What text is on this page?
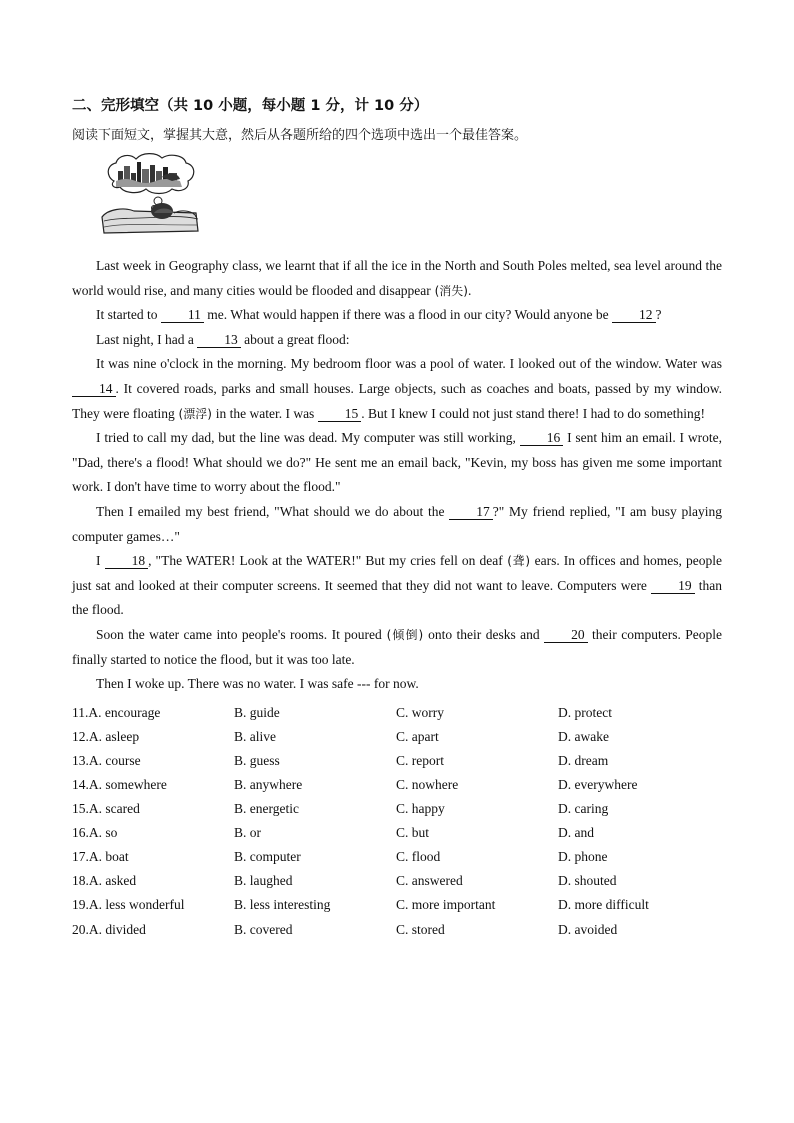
二、完形填空（共 10 小题，每小题 1 分，计 10 分）
阅读下面短文，掌握其大意，然后从各题所给的四个选项中选出一个最佳答案。

Last week in Geography class, we learnt that if all the ice in the North and South Poles melted, sea level around the world would rise, and many cities would be flooded and disappear (消失).

It started to 11 me. What would happen if there was a flood in our city? Would anyone be 12 ?

Last night, I had a 13 about a great flood:

It was nine o'clock in the morning. My bedroom floor was a pool of water. I looked out of the window. Water was 14 . It covered roads, parks and small houses. Large objects, such as coaches and boats, passed by my window. They were floating (漂浮) in the water. I was 15 . But I knew I could not just stand there! I had to do something!

I tried to call my dad, but the line was dead. My computer was still working, 16 I sent him an email. I wrote, "Dad, there's a flood! What should we do?" He sent me an email back, "Kevin, my boss has given me some important work. I don't have time to worry about the flood."

Then I emailed my best friend, "What should we do about the 17 ?" My friend replied, "I am busy playing computer games…"

I 18 , "The WATER! Look at the WATER!" But my cries fell on deaf (聋) ears. In offices and homes, people just sat and looked at their computer screens. It seemed that they did not want to leave. Computers were 19 than the flood.

Soon the water came into people's rooms. It poured (倾倒) onto their desks and 20 their computers. People finally started to notice the flood, but it was too late.

Then I woke up. There was no water. I was safe --- for now.

11.A. encourage	B. guide	C. worry	D. protect
12.A. asleep	B. alive	C. apart	D. awake
13.A. course	B. guess	C. report	D. dream
14.A. somewhere	B. anywhere	C. nowhere	D. everywhere
15.A. scared	B. energetic	C. happy	D. caring
16.A. so	B. or	C. but	D. and
17.A. boat	B. computer	C. flood	D. phone
18.A. asked	B. laughed	C. answered	D. shouted
19.A. less wonderful	B. less interesting	C. more important	D. more difficult
20.A. divided	B. covered	C. stored	D. avoided
